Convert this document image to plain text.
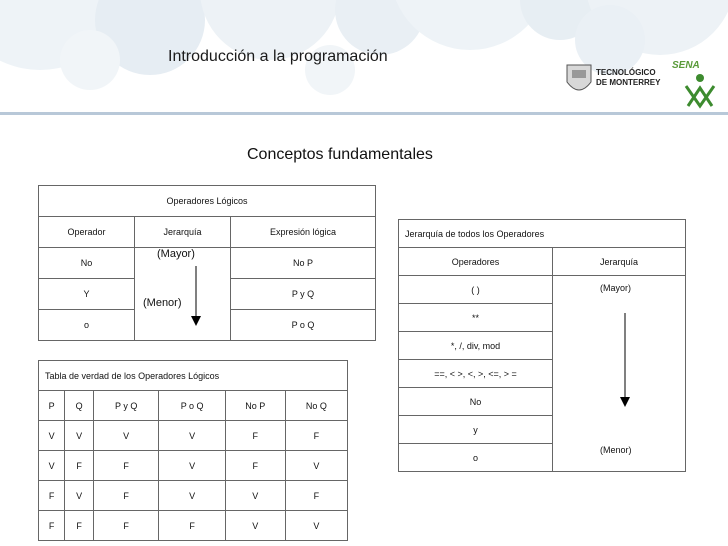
Introducción a la programación
TECNOLÓGICO
DE MONTERREY
SENA
Conceptos fundamentales
Operadores Lógicos		
Operador	Jerarquía	Expresión lógica
No		No P
Y		P y Q
o		P o Q
(Mayor)
(Menor)
Tabla de verdad de los Operadores Lógicos					
P	Q	P y Q	P o Q	No P	No Q
V	V	V	V	F	F
V	F	F	V	F	V
F	V	F	V	V	F
F	F	F	F	V	V
Jerarquía de todos los Operadores	
Operadores	Jerarquía
( )	
**	
*, /, div, mod	
==, < >, <, >, <=, > =	
No	
y	
o	
(Mayor)
(Menor)
